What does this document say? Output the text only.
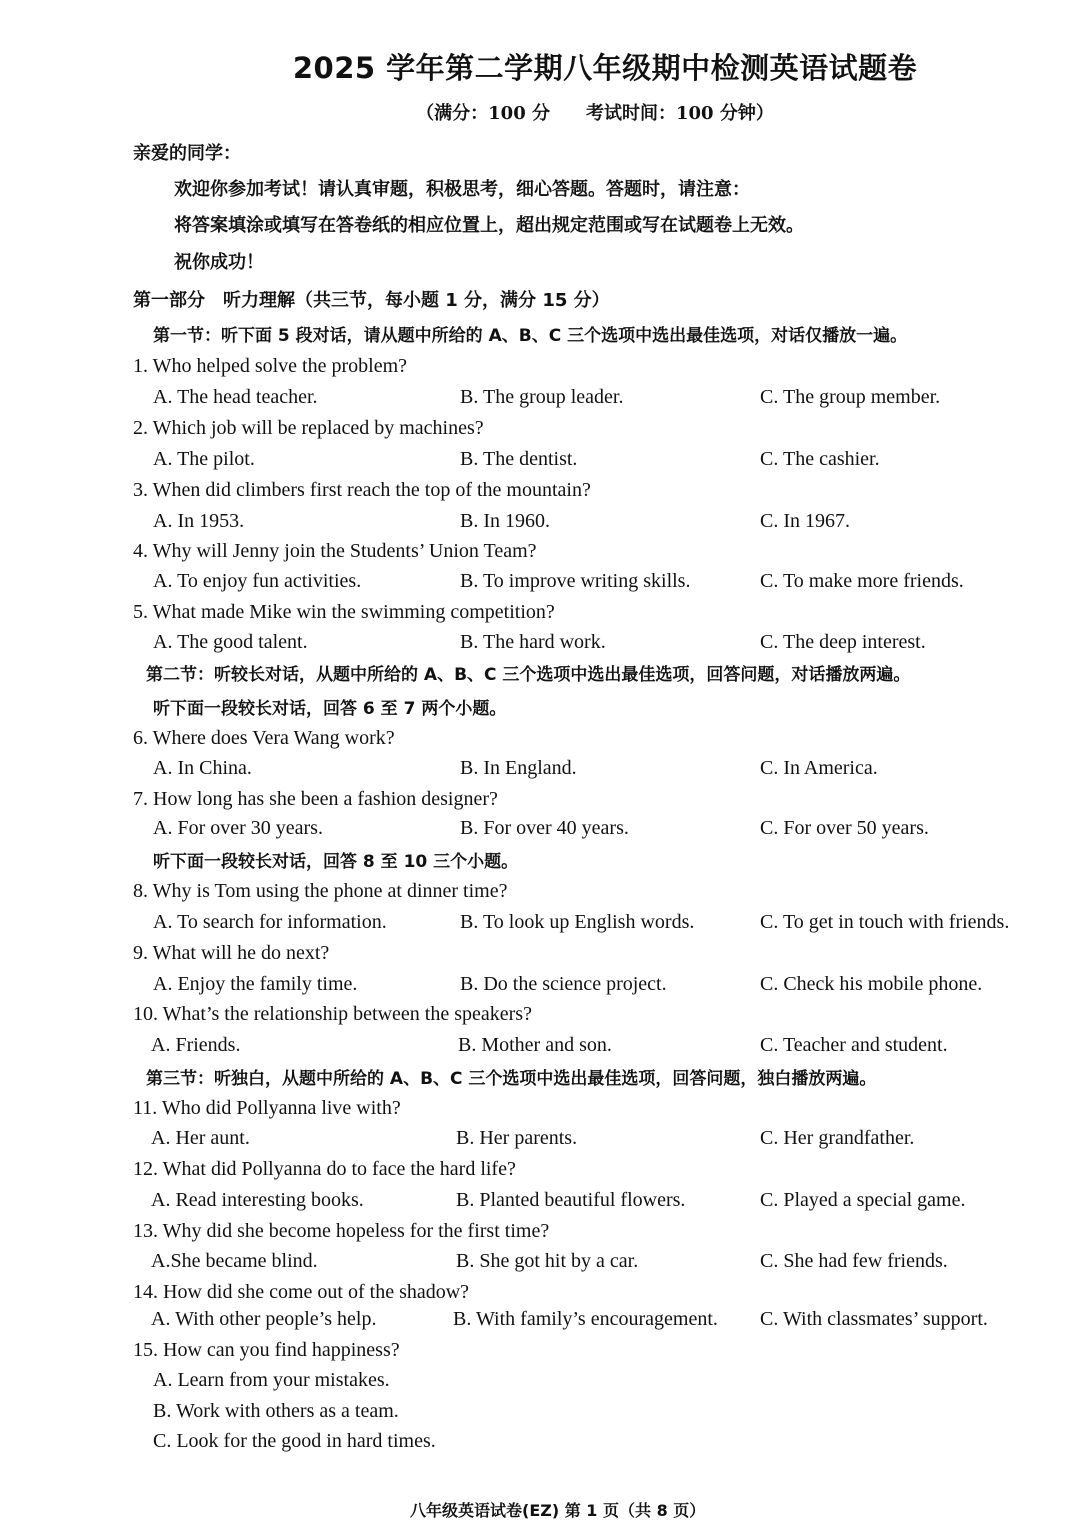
2025 学年第二学期八年级期中检测英语试题卷
（满分：100 分　　考试时间：100 分钟）
亲爱的同学：
欢迎你参加考试！请认真审题，积极思考，细心答题。答题时，请注意：
将答案填涂或填写在答卷纸的相应位置上，超出规定范围或写在试题卷上无效。
祝你成功！
第一部分　听力理解（共三节，每小题 1 分，满分 15 分）
第一节：听下面 5 段对话，请从题中所给的 A、B、C 三个选项中选出最佳选项，对话仅播放一遍。
1. Who helped solve the problem?
A. The head teacher.	B. The group leader.	C. The group member.
2. Which job will be replaced by machines?
A. The pilot.	B. The dentist.	C. The cashier.
3. When did climbers first reach the top of the mountain?
A. In 1953.	B. In 1960.	C. In 1967.
4. Why will Jenny join the Students’ Union Team?
A. To enjoy fun activities.	B. To improve writing skills.	C. To make more friends.
5. What made Mike win the swimming competition?
A. The good talent.	B. The hard work.	C. The deep interest.
第二节：听较长对话，从题中所给的 A、B、C 三个选项中选出最佳选项，回答问题，对话播放两遍。
听下面一段较长对话，回答 6 至 7 两个小题。
6. Where does Vera Wang work?
A. In China.	B. In England.	C. In America.
7. How long has she been a fashion designer?
A. For over 30 years.	B. For over 40 years.	C. For over 50 years.
听下面一段较长对话，回答 8 至 10 三个小题。
8. Why is Tom using the phone at dinner time?
A. To search for information.	B. To look up English words.	C. To get in touch with friends.
9. What will he do next?
A. Enjoy the family time.	B. Do the science project.	C. Check his mobile phone.
10. What’s the relationship between the speakers?
A. Friends.	B. Mother and son.	C. Teacher and student.
第三节：听独白，从题中所给的 A、B、C 三个选项中选出最佳选项，回答问题，独白播放两遍。
11. Who did Pollyanna live with?
A. Her aunt.	B. Her parents.	C. Her grandfather.
12. What did Pollyanna do to face the hard life?
A. Read interesting books.	B. Planted beautiful flowers.	C. Played a special game.
13. Why did she become hopeless for the first time?
A.She became blind.	B. She got hit by a car.	C. She had few friends.
14. How did she come out of the shadow?
A. With other people’s help.	B. With family’s encouragement. C. With classmates’ support.
15. How can you find happiness?
A. Learn from your mistakes.
B. Work with others as a team.
C. Look for the good in hard times.
八年级英语试卷(EZ) 第 1 页（共 8 页）
